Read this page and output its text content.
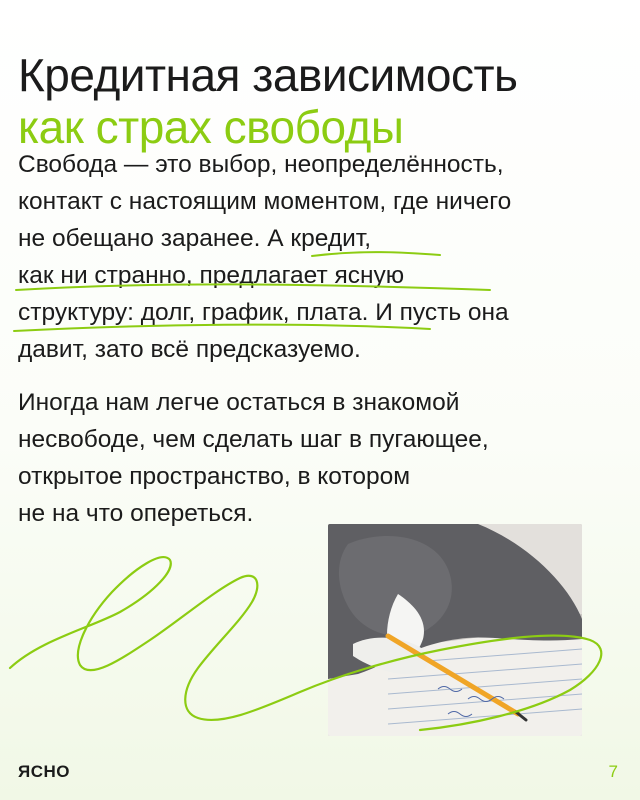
Кредитная зависимость
как страх свободы
Свобода — это выбор, неопределённость,
контакт с настоящим моментом, где ничего
не обещано заранее. А кредит,
как ни странно, предлагает ясную
структуру: долг, график, плата. И пусть она
давит, зато всё предсказуемо.
Иногда нам легче остаться в знакомой
несвободе, чем сделать шаг в пугающее,
открытое пространство, в котором
не на что опереться.
ЯСНО	7
